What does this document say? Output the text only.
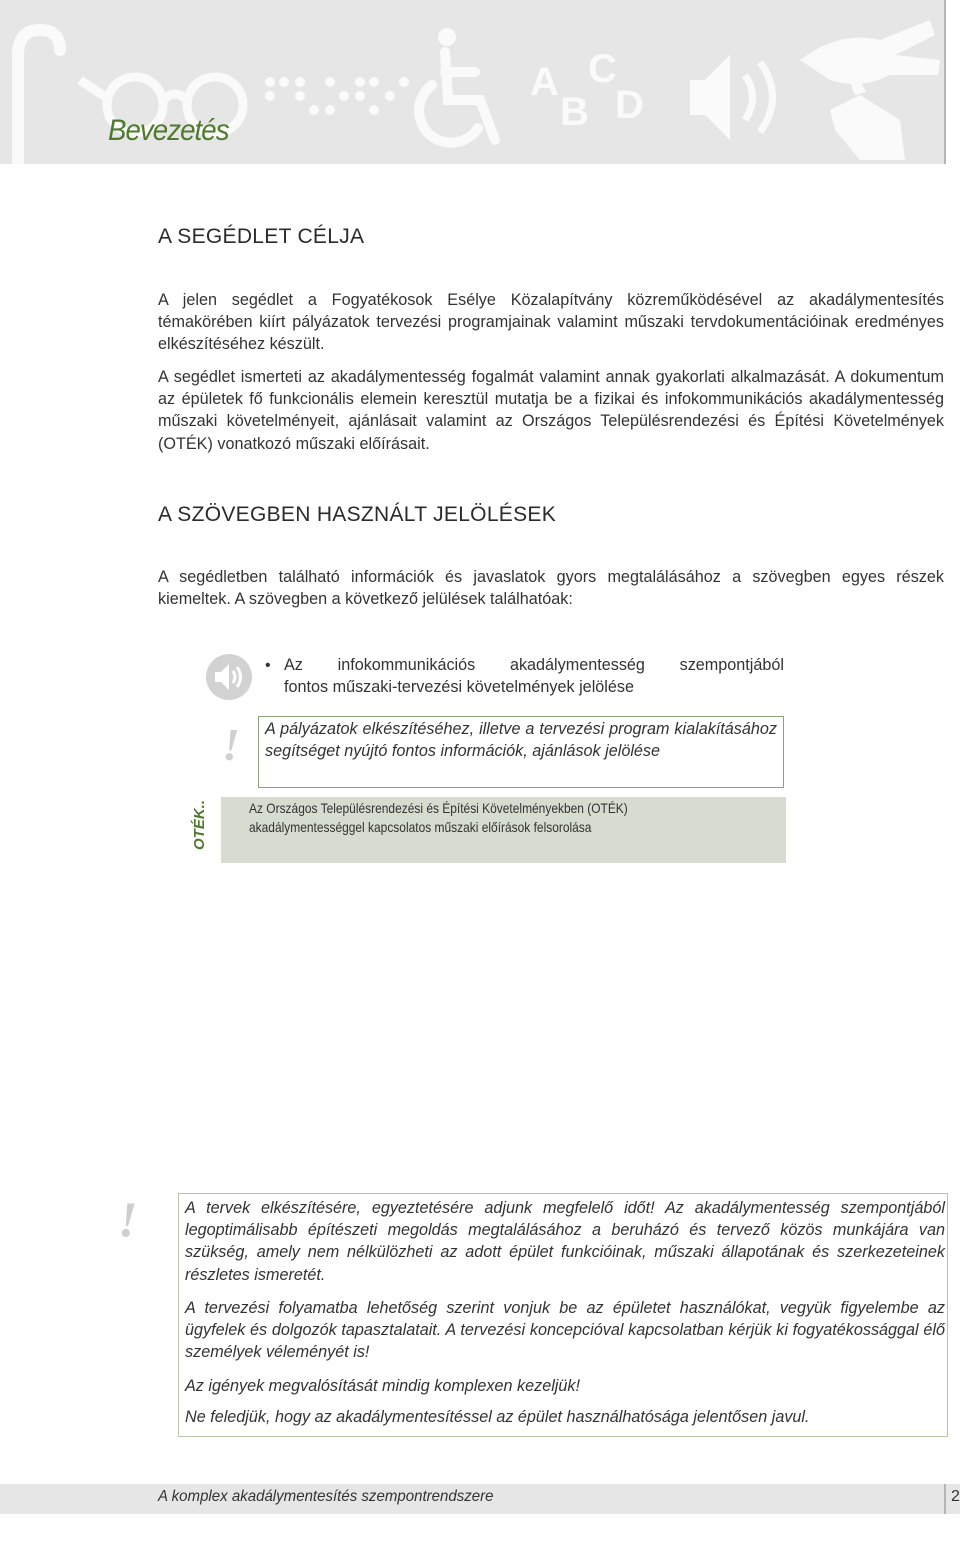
A
B
C
D
Bevezetés
A SEGÉDLET CÉLJA

A jelen segédlet a Fogyatékosok Esélye Közalapítvány közreműködésével az akadálymentesítés témakörében kiírt pályázatok tervezési programjainak valamint műszaki tervdokumentációinak eredményes elkészítéséhez készült.

A segédlet ismerteti az akadálymentesség fogalmát valamint annak gyakorlati alkalmazását. A dokumentum az épületek fő funkcionális elemein keresztül mutatja be a fizikai és infokommunikációs akadálymentesség műszaki követelményeit, ajánlásait valamint az Országos Településrendezési és Építési Követelmények (OTÉK) vonatkozó műszaki előírásait.

A SZÖVEGBEN HASZNÁLT JELÖLÉSEK

A segédletben található információk és javaslatok gyors megtalálásához a szövegben egyes részek kiemeltek. A szövegben a következő jelülések találhatóak:

• Az infokommunikációs akadálymentesség szempontjából

fontos műszaki-tervezési követelmények jelölése

!	A pályázatok elkészítéséhez, illetve a tervezési program kialakításához segítséget nyújtó fontos információk, ajánlások jelölése
OTÉK..	Az Országos Településrendezési és Építési Követelményekben (OTÉK)

akadálymentességgel kapcsolatos műszaki előírások felsorolása

!	A tervek elkészítésére, egyeztetésére adjunk megfelelő időt! Az akadálymentesség szempontjából legoptimálisabb építészeti megoldás megtalálásához a beruházó és tervező közös munkájára van szükség, amely nem nélkülözheti az adott épület funkcióinak, műszaki állapotának és szerkezeteinek részletes ismeretét.

A tervezési folyamatba lehetőség szerint vonjuk be az épületet használókat, vegyük figyelembe az ügyfelek és dolgozók tapasztalatait. A tervezési koncepcióval kapcsolatban kérjük ki fogyatékossággal élő személyek véleményét is!

Az igények megvalósítását mindig komplexen kezeljük!

Ne feledjük, hogy az akadálymentesítéssel az épület használhatósága jelentősen javul.

A komplex akadálymentesítés szempontrendszere	2
